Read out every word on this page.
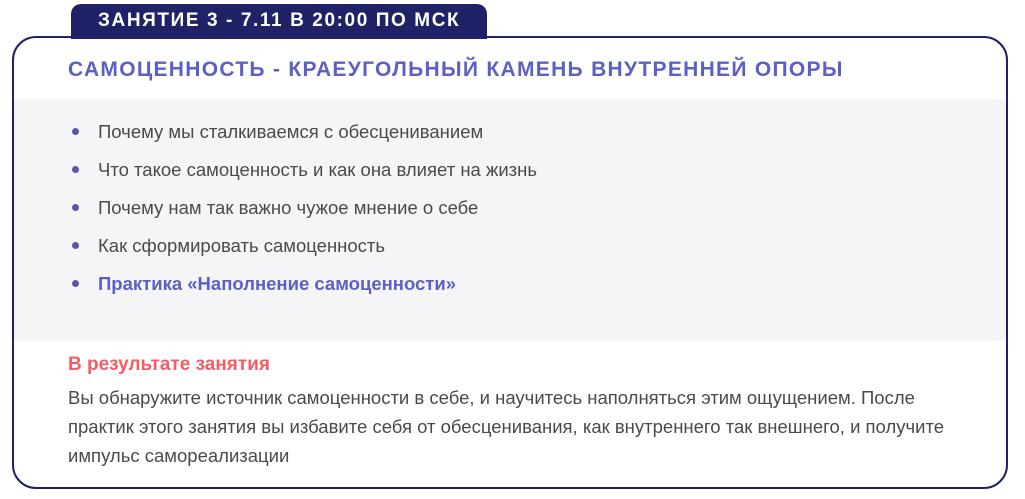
ЗАНЯТИЕ 3 - 7.11 В 20:00 ПО МСК
САМОЦЕННОСТЬ - КРАЕУГОЛЬНЫЙ КАМЕНЬ ВНУТРЕННЕЙ ОПОРЫ
Почему мы сталкиваемся с обесцениванием
Что такое самоценность и как она влияет на жизнь
Почему нам так важно чужое мнение о себе
Как сформировать самоценность
Практика «Наполнение самоценности»
В результате занятия
Вы обнаружите источник самоценности в себе, и научитесь наполняться этим ощущением. После практик этого занятия вы избавите себя от обесценивания, как внутреннего так внешнего, и получите импульс самореализации
